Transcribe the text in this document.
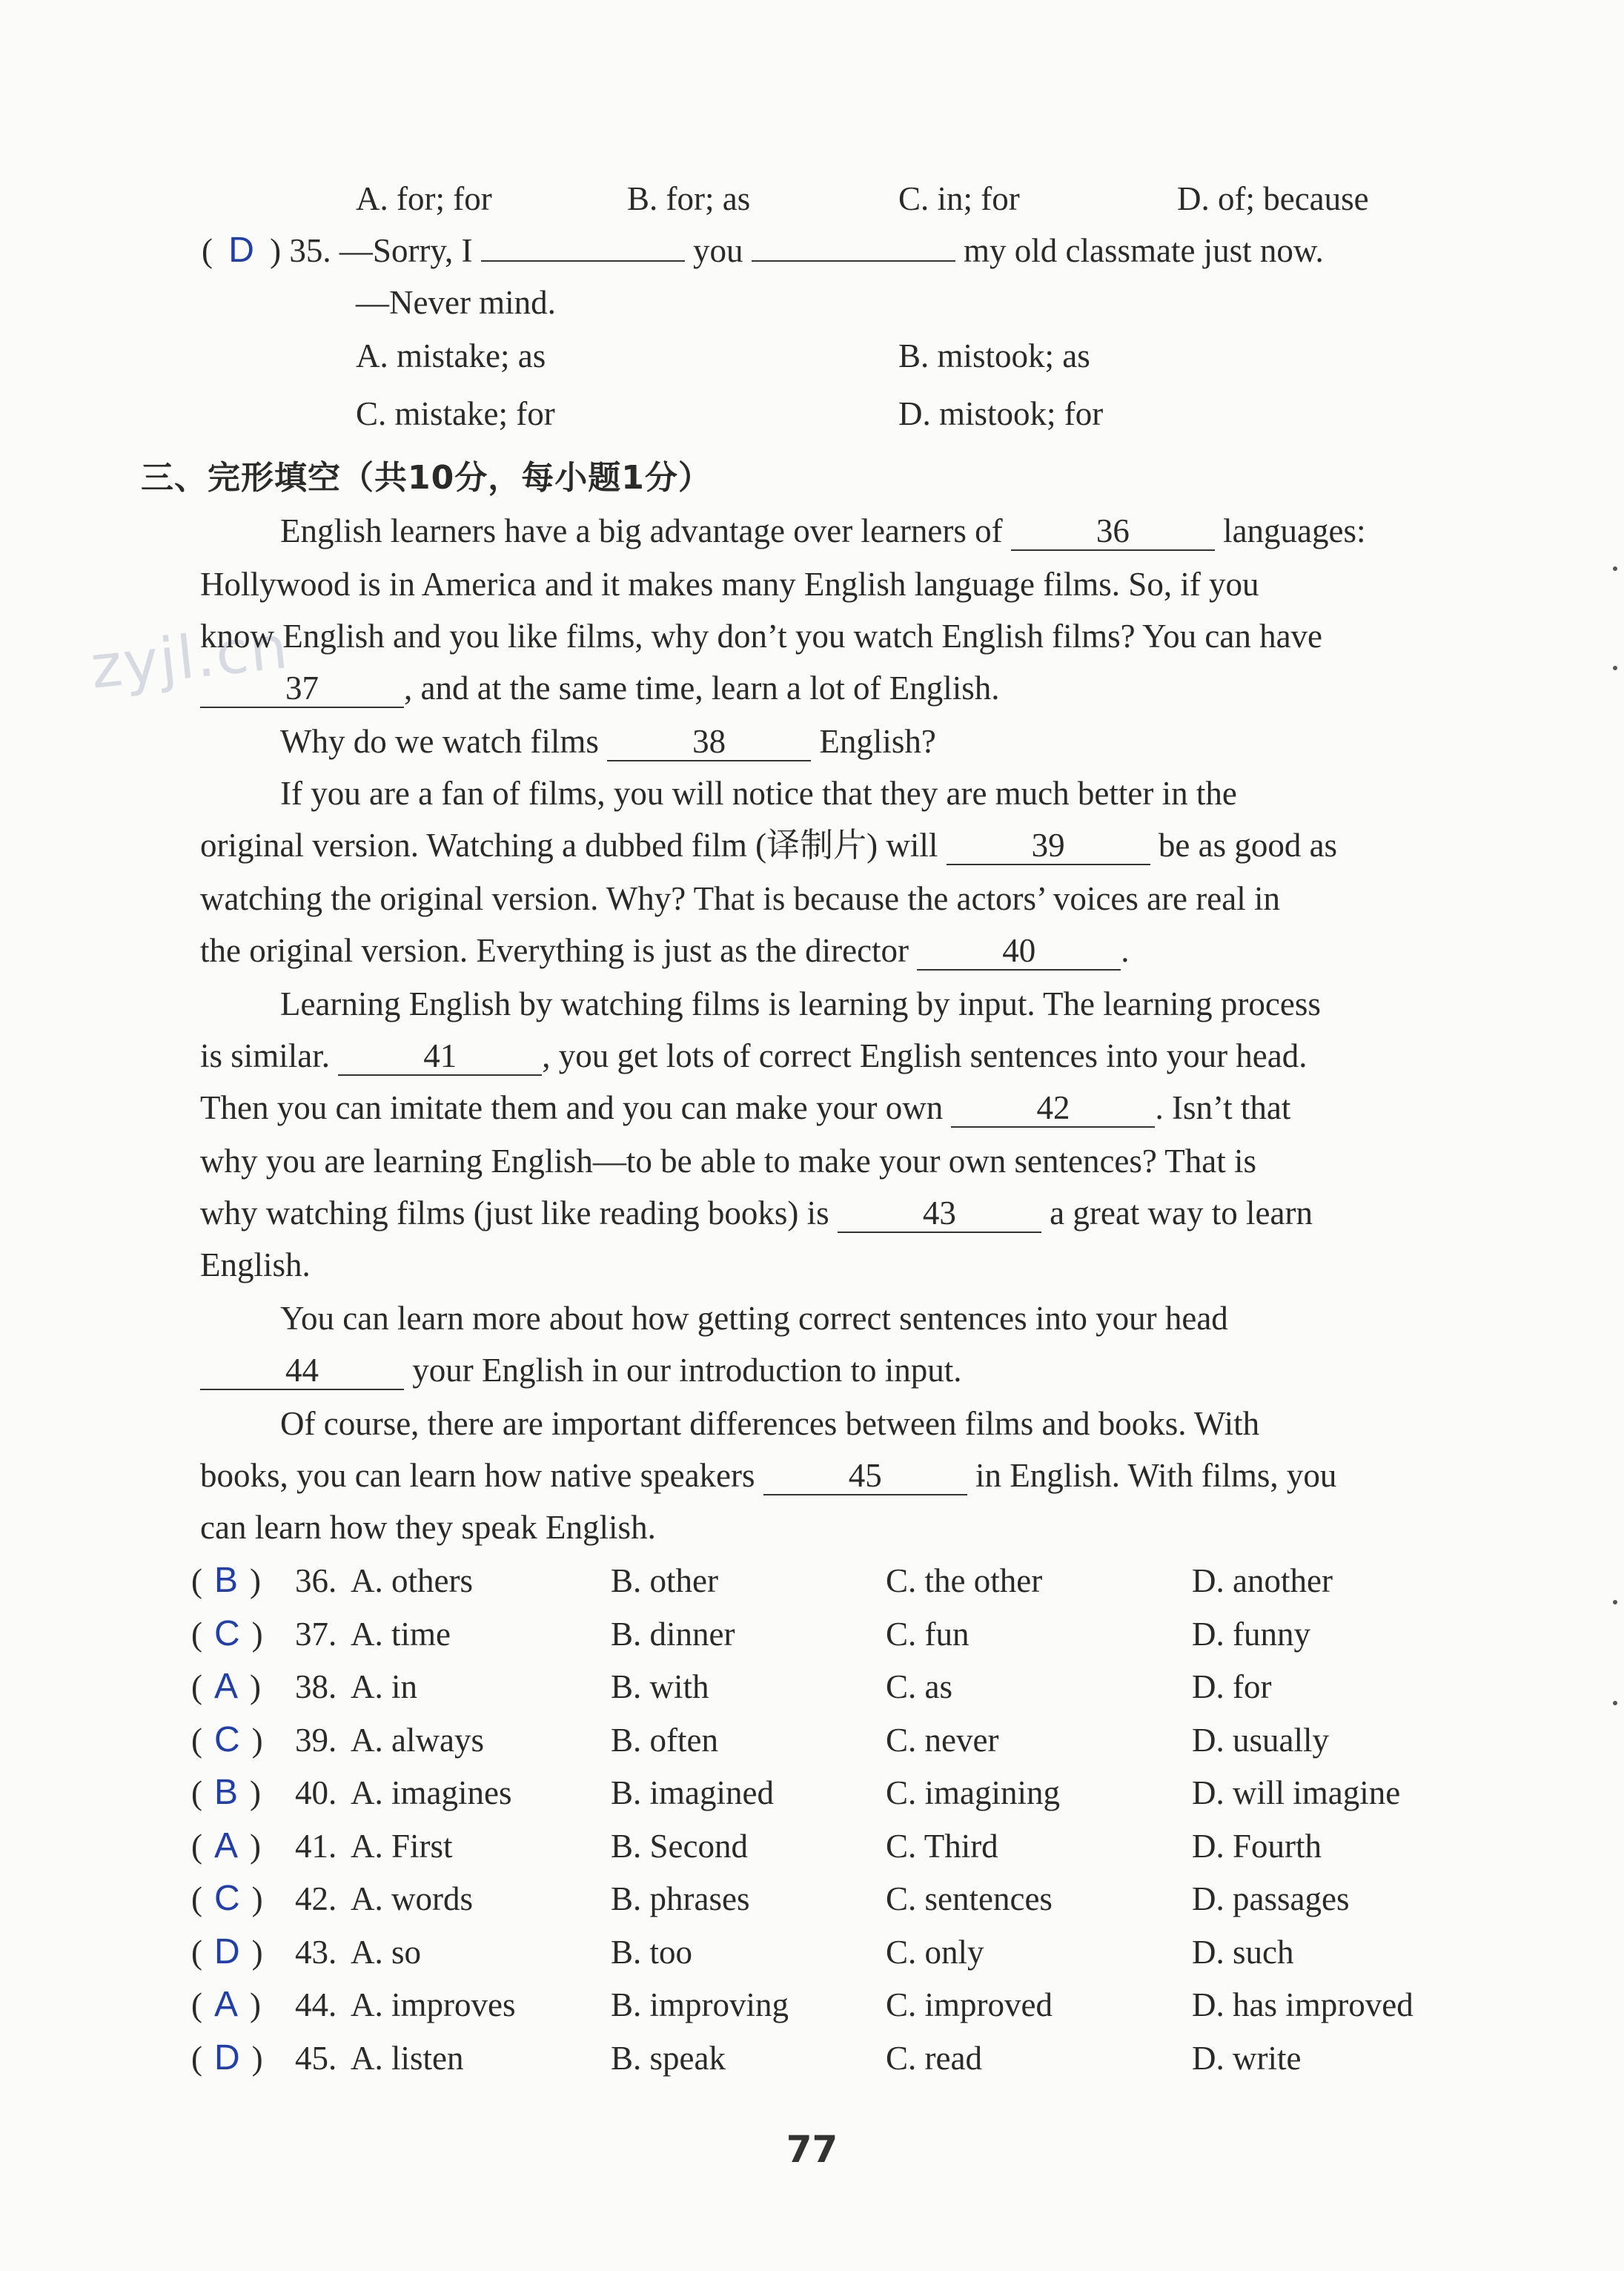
A. for; for	B. for; as	C. in; for	D. of; because
( D ) 35. —Sorry, I	you	my old classmate just now.
—Never mind.
A. mistake; as	B. mistook; as
C. mistake; for	D. mistook; for
三、完形填空（共10分，每小题1分）
zyjl.cn
English learners have a big advantage over learners of	36	languages:
Hollywood is in America and it makes many English language films. So, if you
know English and you like films, why don’t you watch English films? You can have
37	, and at the same time, learn a lot of English.
Why do we watch films	38	English?
If you are a fan of films, you will notice that they are much better in the
original version. Watching a dubbed film (译制片) will	39	be as good as
watching the original version. Why? That is because the actors’ voices are real in
the original version. Everything is just as the director	40	.
Learning English by watching films is learning by input. The learning process
is similar.	41	, you get lots of correct English sentences into your head.
Then you can imitate them and you can make your own	42	. Isn’t that
why you are learning English—to be able to make your own sentences? That is
why watching films (just like reading books) is	43	a great way to learn
English.
You can learn more about how getting correct sentences into your head
44	your English in our introduction to input.
Of course, there are important differences between films and books. With
books, you can learn how native speakers	45	in English. With films, you
can learn how they speak English.
( B ) 36. A. others	B. other	C. the other	D. another
( C ) 37. A. time	B. dinner	C. fun	D. funny
( A ) 38. A. in	B. with	C. as	D. for
( C ) 39. A. always	B. often	C. never	D. usually
( B ) 40. A. imagines	B. imagined	C. imagining	D. will imagine
( A ) 41. A. First	B. Second	C. Third	D. Fourth
( C ) 42. A. words	B. phrases	C. sentences	D. passages
( D ) 43. A. so	B. too	C. only	D. such
( A ) 44. A. improves	B. improving	C. improved	D. has improved
( D ) 45. A. listen	B. speak	C. read	D. write
77
